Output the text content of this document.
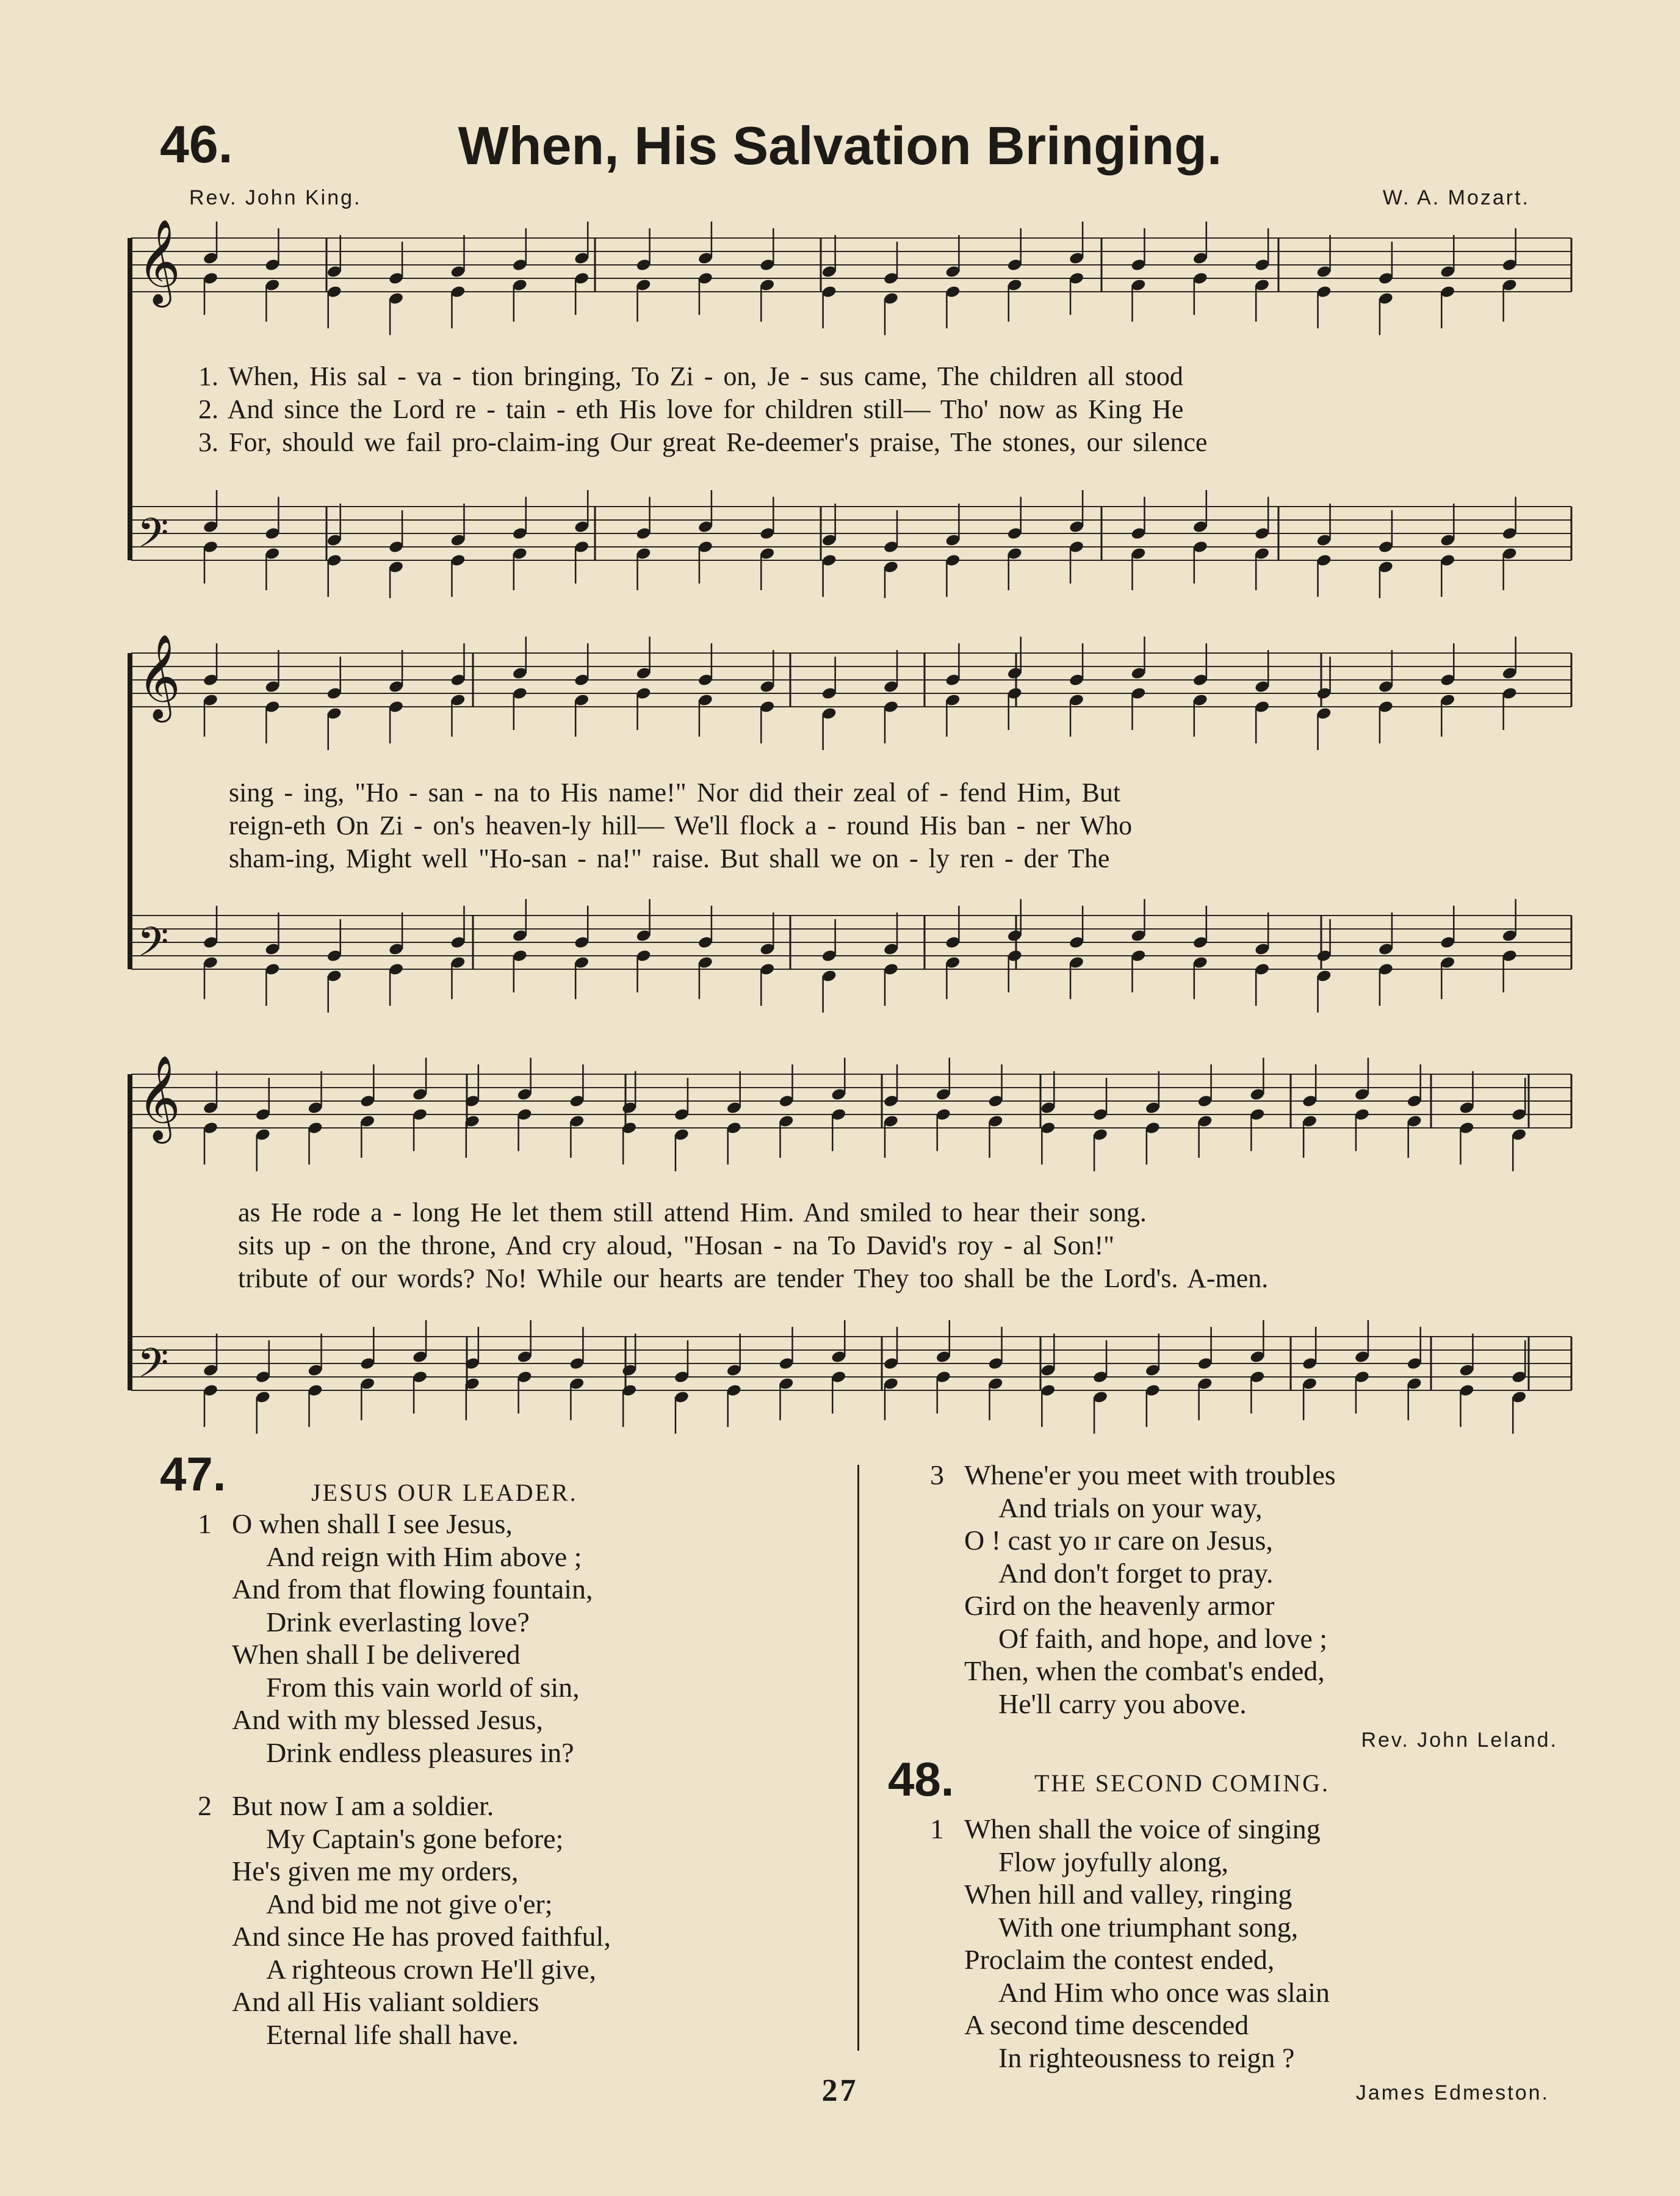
46.	When, His Salvation Bringing.
Rev. John King.	W. A. Mozart.
𝄞
𝄢
1. When, His sal - va - tion bringing, To Zi - on, Je - sus came, The children all stood
2. And since the Lord re - tain - eth His love for children still— Tho' now as King He
3. For, should we fail pro-claim-ing Our great Re-deemer's praise, The stones, our silence
𝄞
𝄢
sing - ing, "Ho - san - na to His name!" Nor did their zeal of - fend Him, But
reign-eth On Zi - on's heaven-ly hill— We'll flock a - round His ban - ner Who
sham-ing, Might well "Ho-san - na!" raise. But shall we on - ly ren - der The
𝄞
𝄢
as He rode a - long He let them still attend Him. And smiled to hear their song.
sits up - on the throne, And cry aloud, "Hosan - na To David's roy - al Son!"
tribute of our words? No! While our hearts are tender They too shall be the Lord's. A-men.
47.	JESUS OUR LEADER.
1 O when shall I see Jesus,
And reign with Him above ;
And from that flowing fountain,
Drink everlasting love?
When shall I be delivered
From this vain world of sin,
And with my blessed Jesus,
Drink endless pleasures in?
2 But now I am a soldier.
My Captain's gone before;
He's given me my orders,
And bid me not give o'er;
And since He has proved faithful,
A righteous crown He'll give,
And all His valiant soldiers
Eternal life shall have.
3 Whene'er you meet with troubles
And trials on your way,
O ! cast yo ır care on Jesus,
And don't forget to pray.
Gird on the heavenly armor
Of faith, and hope, and love ;
Then, when the combat's ended,
He'll carry you above.
Rev. John Leland.
48.	THE SECOND COMING.
1 When shall the voice of singing
Flow joyfully along,
When hill and valley, ringing
With one triumphant song,
Proclaim the contest ended,
And Him who once was slain
A second time descended
In righteousness to reign ?
27	James Edmeston.
